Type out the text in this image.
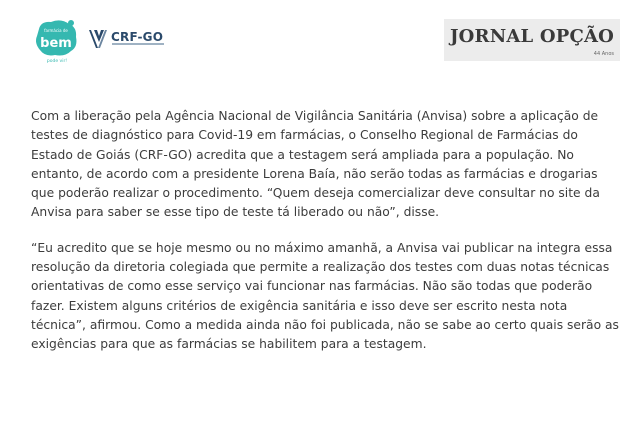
farmácia de
bem
pode vir!
CRF-GO	JORNAL OPÇÃO
44 Anos

Com a liberação pela Agência Nacional de Vigilância Sanitária (Anvisa) sobre a aplicação de testes de diagnóstico para Covid-19 em farmácias, o Conselho Regional de Farmácias do Estado de Goiás (CRF-GO) acredita que a testagem será ampliada para a população. No entanto, de acordo com a presidente Lorena Baía, não serão todas as farmácias e drogarias que poderão realizar o procedimento. “Quem deseja comercializar deve consultar no site da Anvisa para saber se esse tipo de teste tá liberado ou não”, disse.

“Eu acredito que se hoje mesmo ou no máximo amanhã, a Anvisa vai publicar na integra essa resolução da diretoria colegiada que permite a realização dos testes com duas notas técnicas orientativas de como esse serviço vai funcionar nas farmácias. Não são todas que poderão fazer. Existem alguns critérios de exigência sanitária e isso deve ser escrito nesta nota técnica”, afirmou. Como a medida ainda não foi publicada, não se sabe ao certo quais serão as exigências para que as farmácias se habilitem para a testagem.
